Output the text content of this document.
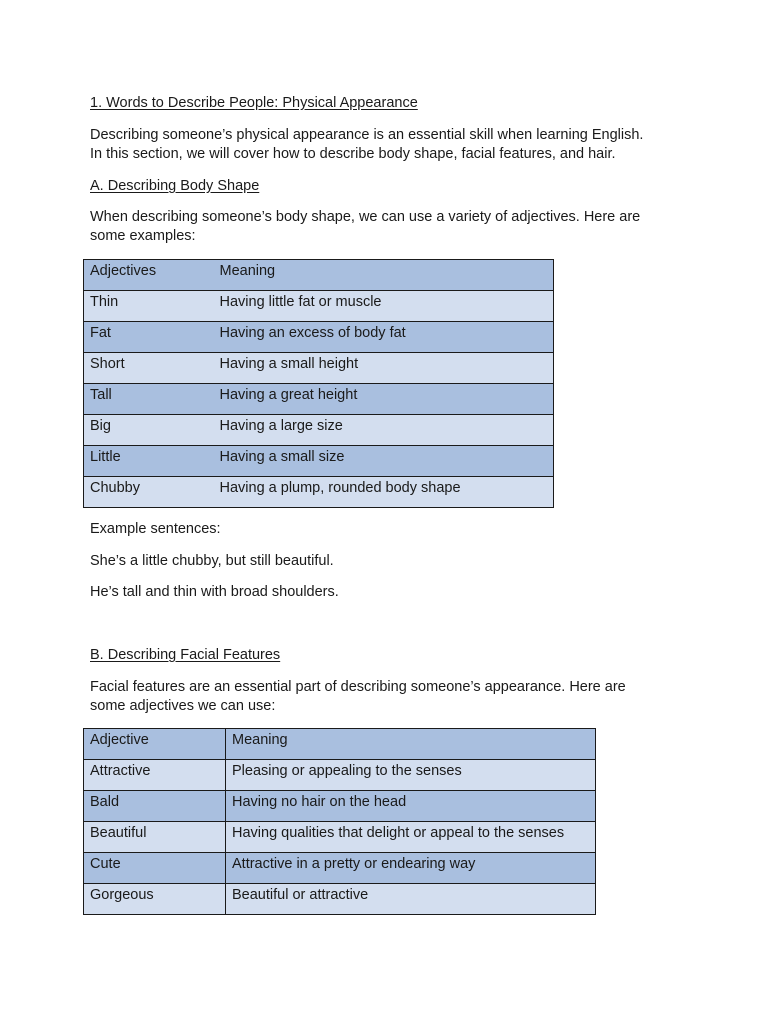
1. Words to Describe People: Physical Appearance
Describing someone’s physical appearance is an essential skill when learning English.
In this section, we will cover how to describe body shape, facial features, and hair.
A. Describing Body Shape
When describing someone’s body shape, we can use a variety of adjectives. Here are
some examples:
Adjectives	Meaning
Thin	Having little fat or muscle
Fat	Having an excess of body fat
Short	Having a small height
Tall	Having a great height
Big	Having a large size
Little	Having a small size
Chubby	Having a plump, rounded body shape
Example sentences:
She’s a little chubby, but still beautiful.
He’s tall and thin with broad shoulders.
B. Describing Facial Features
Facial features are an essential part of describing someone’s appearance. Here are
some adjectives we can use:
Adjective	Meaning
Attractive	Pleasing or appealing to the senses
Bald	Having no hair on the head
Beautiful	Having qualities that delight or appeal to the senses
Cute	Attractive in a pretty or endearing way
Gorgeous	Beautiful or attractive
